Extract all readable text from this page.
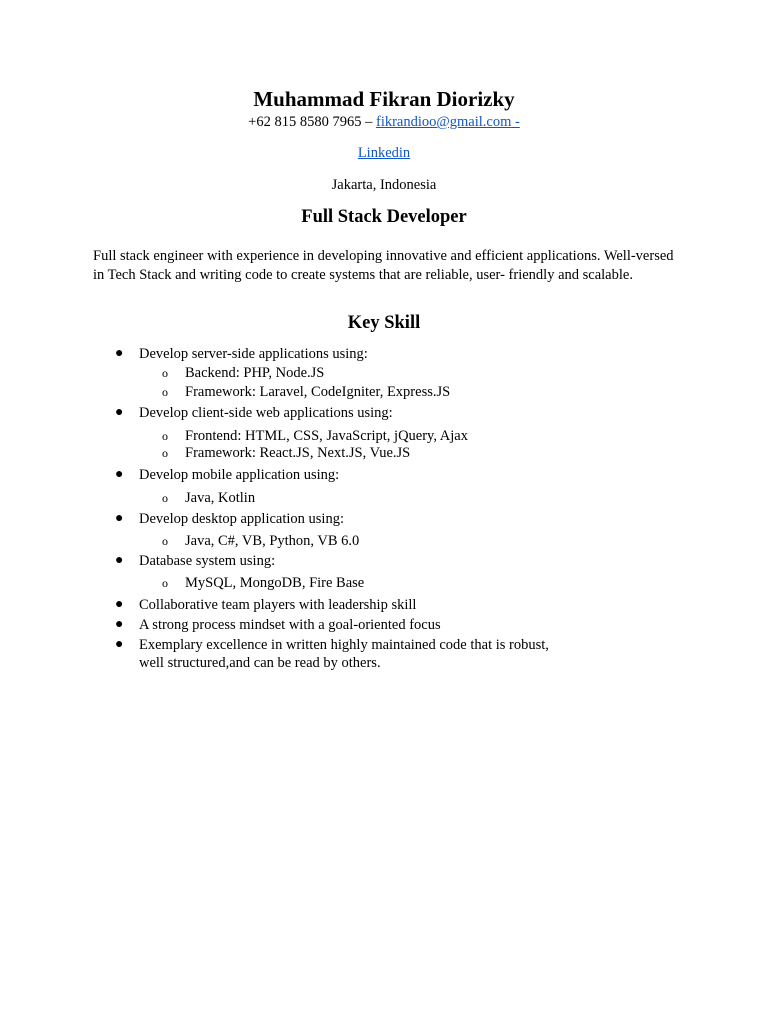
Muhammad Fikran Diorizky
+62 815 8580 7965 – fikrandioo@gmail.com -
Linkedin
Jakarta, Indonesia
Full Stack Developer
Full stack engineer with experience in developing innovative and efficient applications. Well-versed in Tech Stack and writing code to create systems that are reliable, user- friendly and scalable.
Key Skill
● Develop server-side applications using:
o Backend: PHP, Node.JS
o Framework: Laravel, CodeIgniter, Express.JS
● Develop client-side web applications using:
o Frontend: HTML, CSS, JavaScript, jQuery, Ajax
o Framework: React.JS, Next.JS, Vue.JS
● Develop mobile application using:
o Java, Kotlin
● Develop desktop application using:
o Java, C#, VB, Python, VB 6.0
● Database system using:
o MySQL, MongoDB, Fire Base
● Collaborative team players with leadership skill
● A strong process mindset with a goal-oriented focus
● Exemplary excellence in written highly maintained code that is robust,
well structured,and can be read by others.
